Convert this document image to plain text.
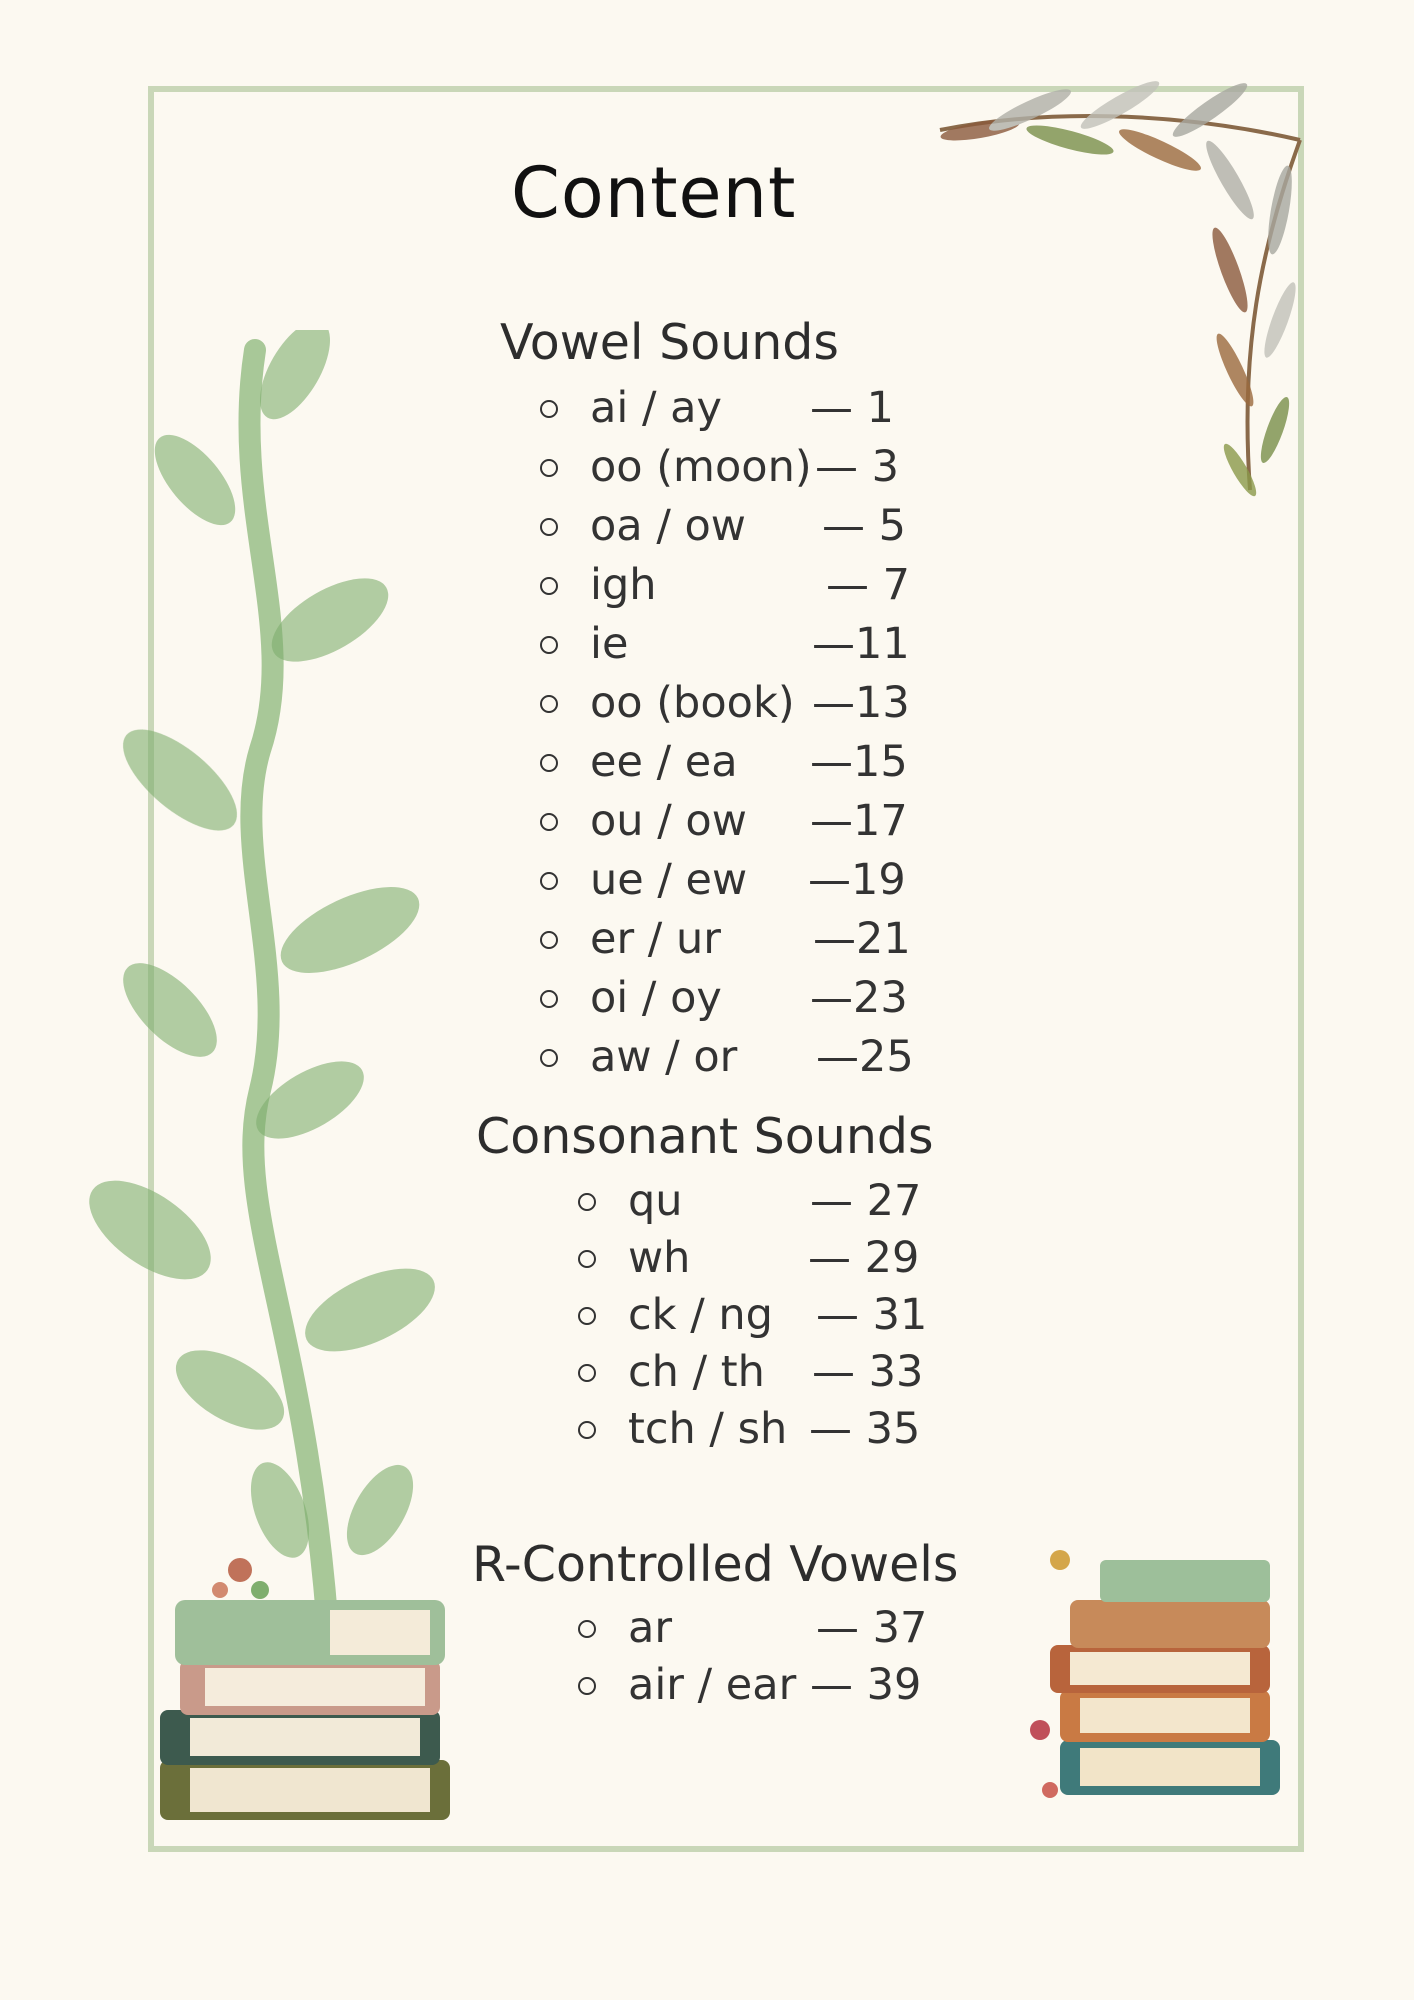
Content
Vowel Sounds
ai / ay — 1
oo (moon) — 3
oa / ow — 5
igh	— 7
ie	—11
oo (book) —13
ee / ea —15
ou / ow —17
ue / ew —19
er / ur —21
oi / oy —23
aw / or —25
Consonant Sounds
qu	— 27
wh	— 29
ck / ng — 31
ch / th — 33
tch / sh — 35
R-Controlled Vowels
ar	— 37
air / ear — 39
